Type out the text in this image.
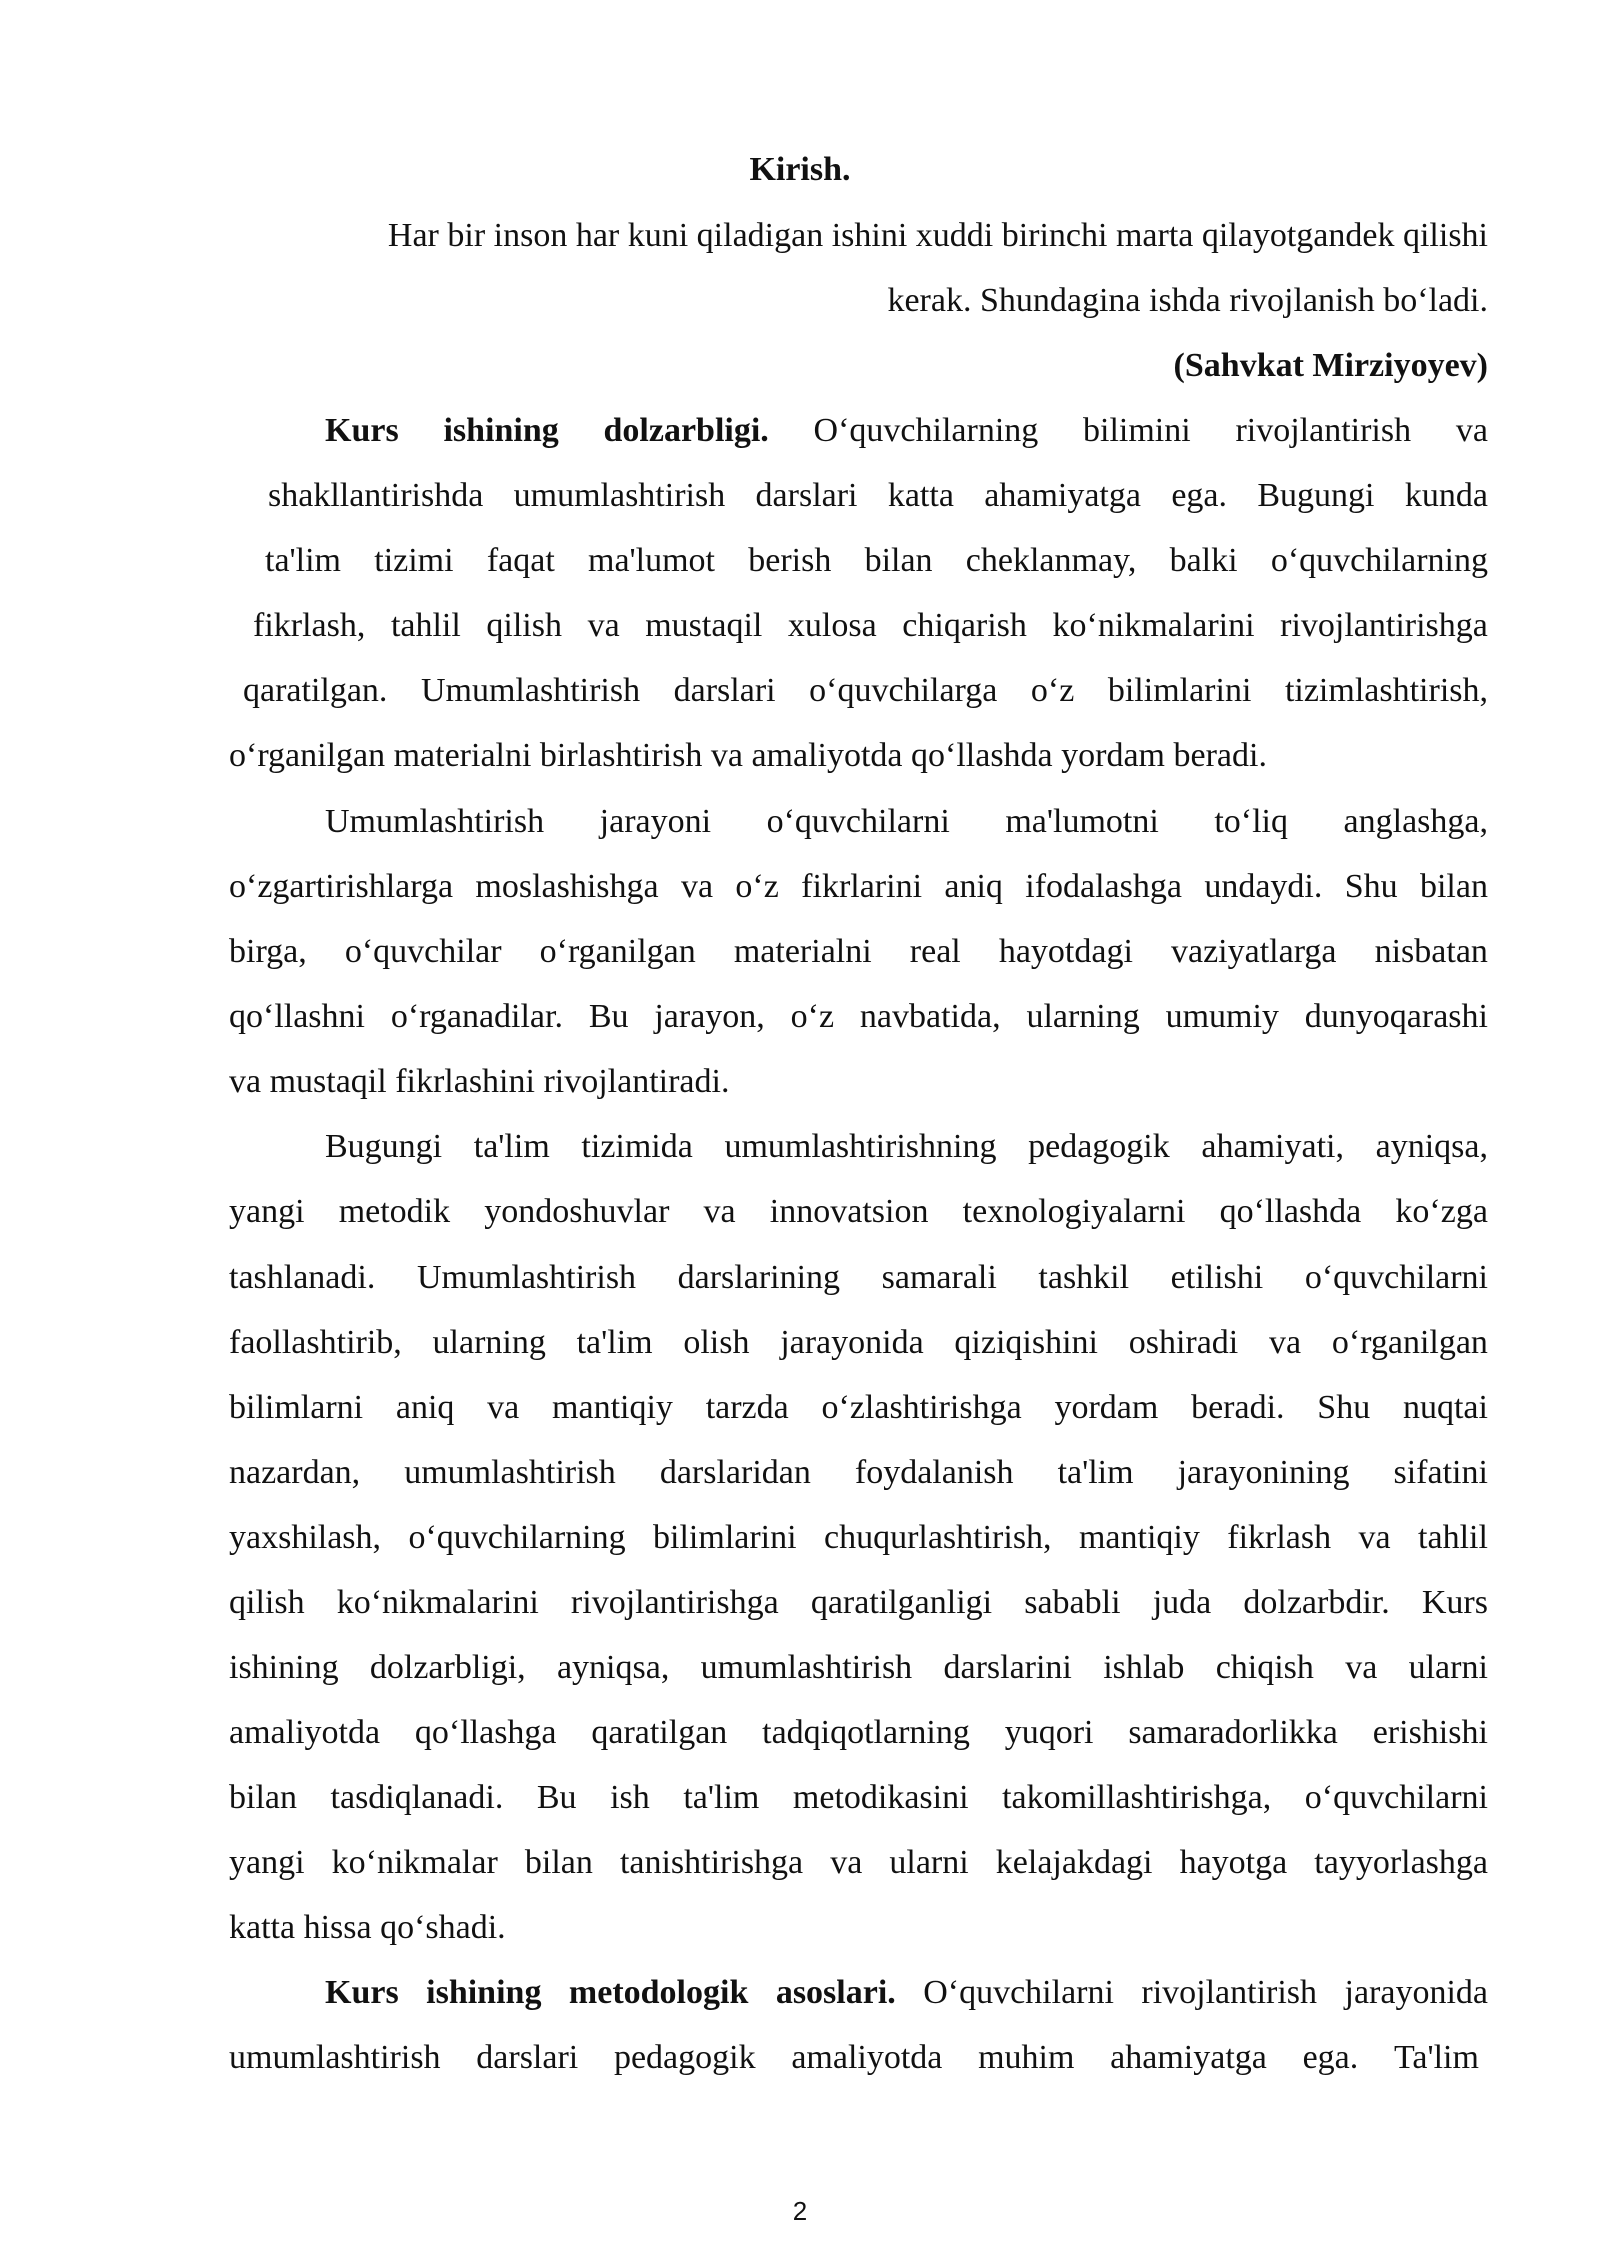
Kirish.
Har bir inson har kuni qiladigan ishini xuddi birinchi marta qilayotgandek qilishi
kerak. Shundagina ishda rivojlanish boʻladi.
(Sahvkat Mirziyoyev)
Kurs ishining dolzarbligi. Oʻquvchilarning bilimini rivojlantirish va
shakllantirishda umumlashtirish darslari katta ahamiyatga ega. Bugungi kunda
ta'lim tizimi faqat ma'lumot berish bilan cheklanmay, balki oʻquvchilarning
fikrlash, tahlil qilish va mustaqil xulosa chiqarish koʻnikmalarini rivojlantirishga
qaratilgan. Umumlashtirish darslari oʻquvchilarga oʻz bilimlarini tizimlashtirish,
oʻrganilgan materialni birlashtirish va amaliyotda qoʻllashda yordam beradi.
Umumlashtirish jarayoni oʻquvchilarni ma'lumotni toʻliq anglashga,
oʻzgartirishlarga moslashishga va oʻz fikrlarini aniq ifodalashga undaydi. Shu bilan
birga, oʻquvchilar oʻrganilgan materialni real hayotdagi vaziyatlarga nisbatan
qoʻllashni oʻrganadilar. Bu jarayon, oʻz navbatida, ularning umumiy dunyoqarashi
va mustaqil fikrlashini rivojlantiradi.
Bugungi ta'lim tizimida umumlashtirishning pedagogik ahamiyati, ayniqsa,
yangi metodik yondoshuvlar va innovatsion texnologiyalarni qoʻllashda koʻzga
tashlanadi. Umumlashtirish darslarining samarali tashkil etilishi oʻquvchilarni
faollashtirib, ularning ta'lim olish jarayonida qiziqishini oshiradi va oʻrganilgan
bilimlarni aniq va mantiqiy tarzda oʻzlashtirishga yordam beradi. Shu nuqtai
nazardan, umumlashtirish darslaridan foydalanish ta'lim jarayonining sifatini
yaxshilash, oʻquvchilarning bilimlarini chuqurlashtirish, mantiqiy fikrlash va tahlil
qilish koʻnikmalarini rivojlantirishga qaratilganligi sababli juda dolzarbdir. Kurs
ishining dolzarbligi, ayniqsa, umumlashtirish darslarini ishlab chiqish va ularni
amaliyotda qoʻllashga qaratilgan tadqiqotlarning yuqori samaradorlikka erishishi
bilan tasdiqlanadi. Bu ish ta'lim metodikasini takomillashtirishga, oʻquvchilarni
yangi koʻnikmalar bilan tanishtirishga va ularni kelajakdagi hayotga tayyorlashga
katta hissa qoʻshadi.
Kurs ishining metodologik asoslari. Oʻquvchilarni rivojlantirish jarayonida
umumlashtirish darslari pedagogik amaliyotda muhim ahamiyatga ega. Ta'lim
2
